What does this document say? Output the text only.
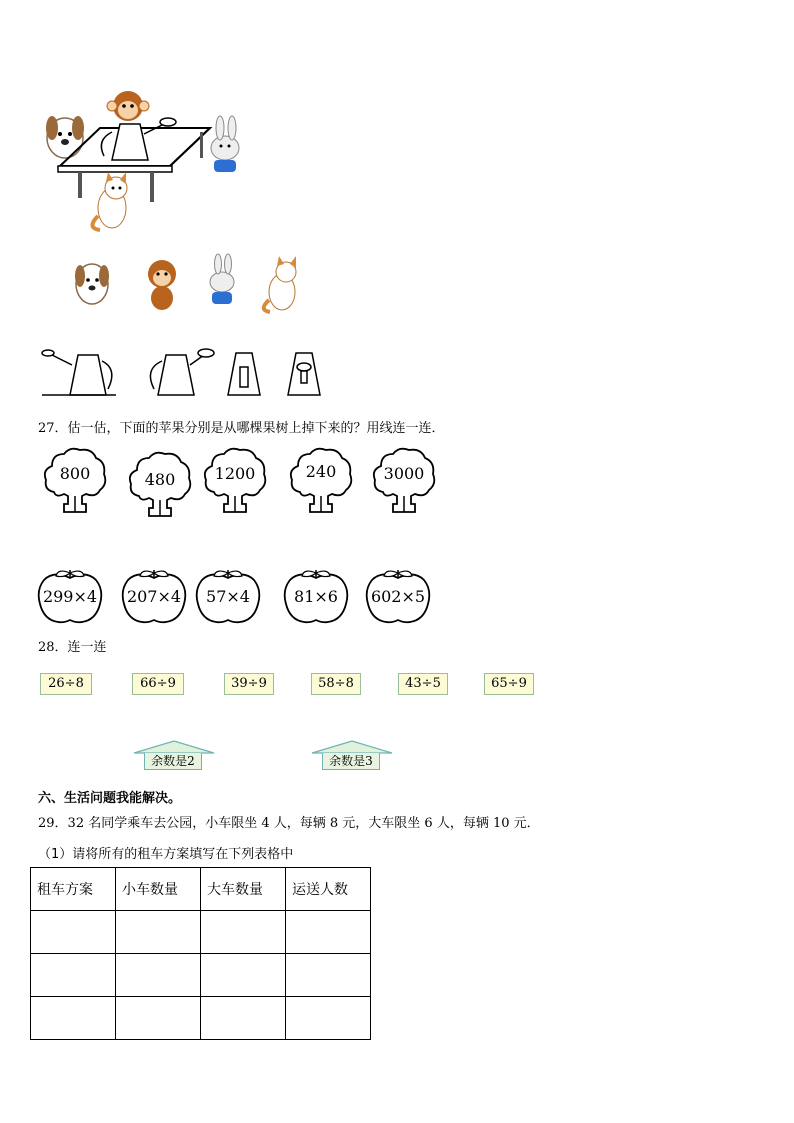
27．估一估，下面的苹果分别是从哪棵果树上掉下来的？用线连一连．
800	480	1200	240	3000
299×4	207×4	57×4	81×6	602×5
28．连一连
26÷8	66÷9	39÷9	58÷8	43÷5	65÷9
余数是2	余数是3
六、生活问题我能解决。
29．32 名同学乘车去公园，小车限坐 4 人，每辆 8 元，大车限坐 6 人，每辆 10 元．
（1）请将所有的租车方案填写在下列表格中
租车方案	小车数量	大车数量	运送人数
